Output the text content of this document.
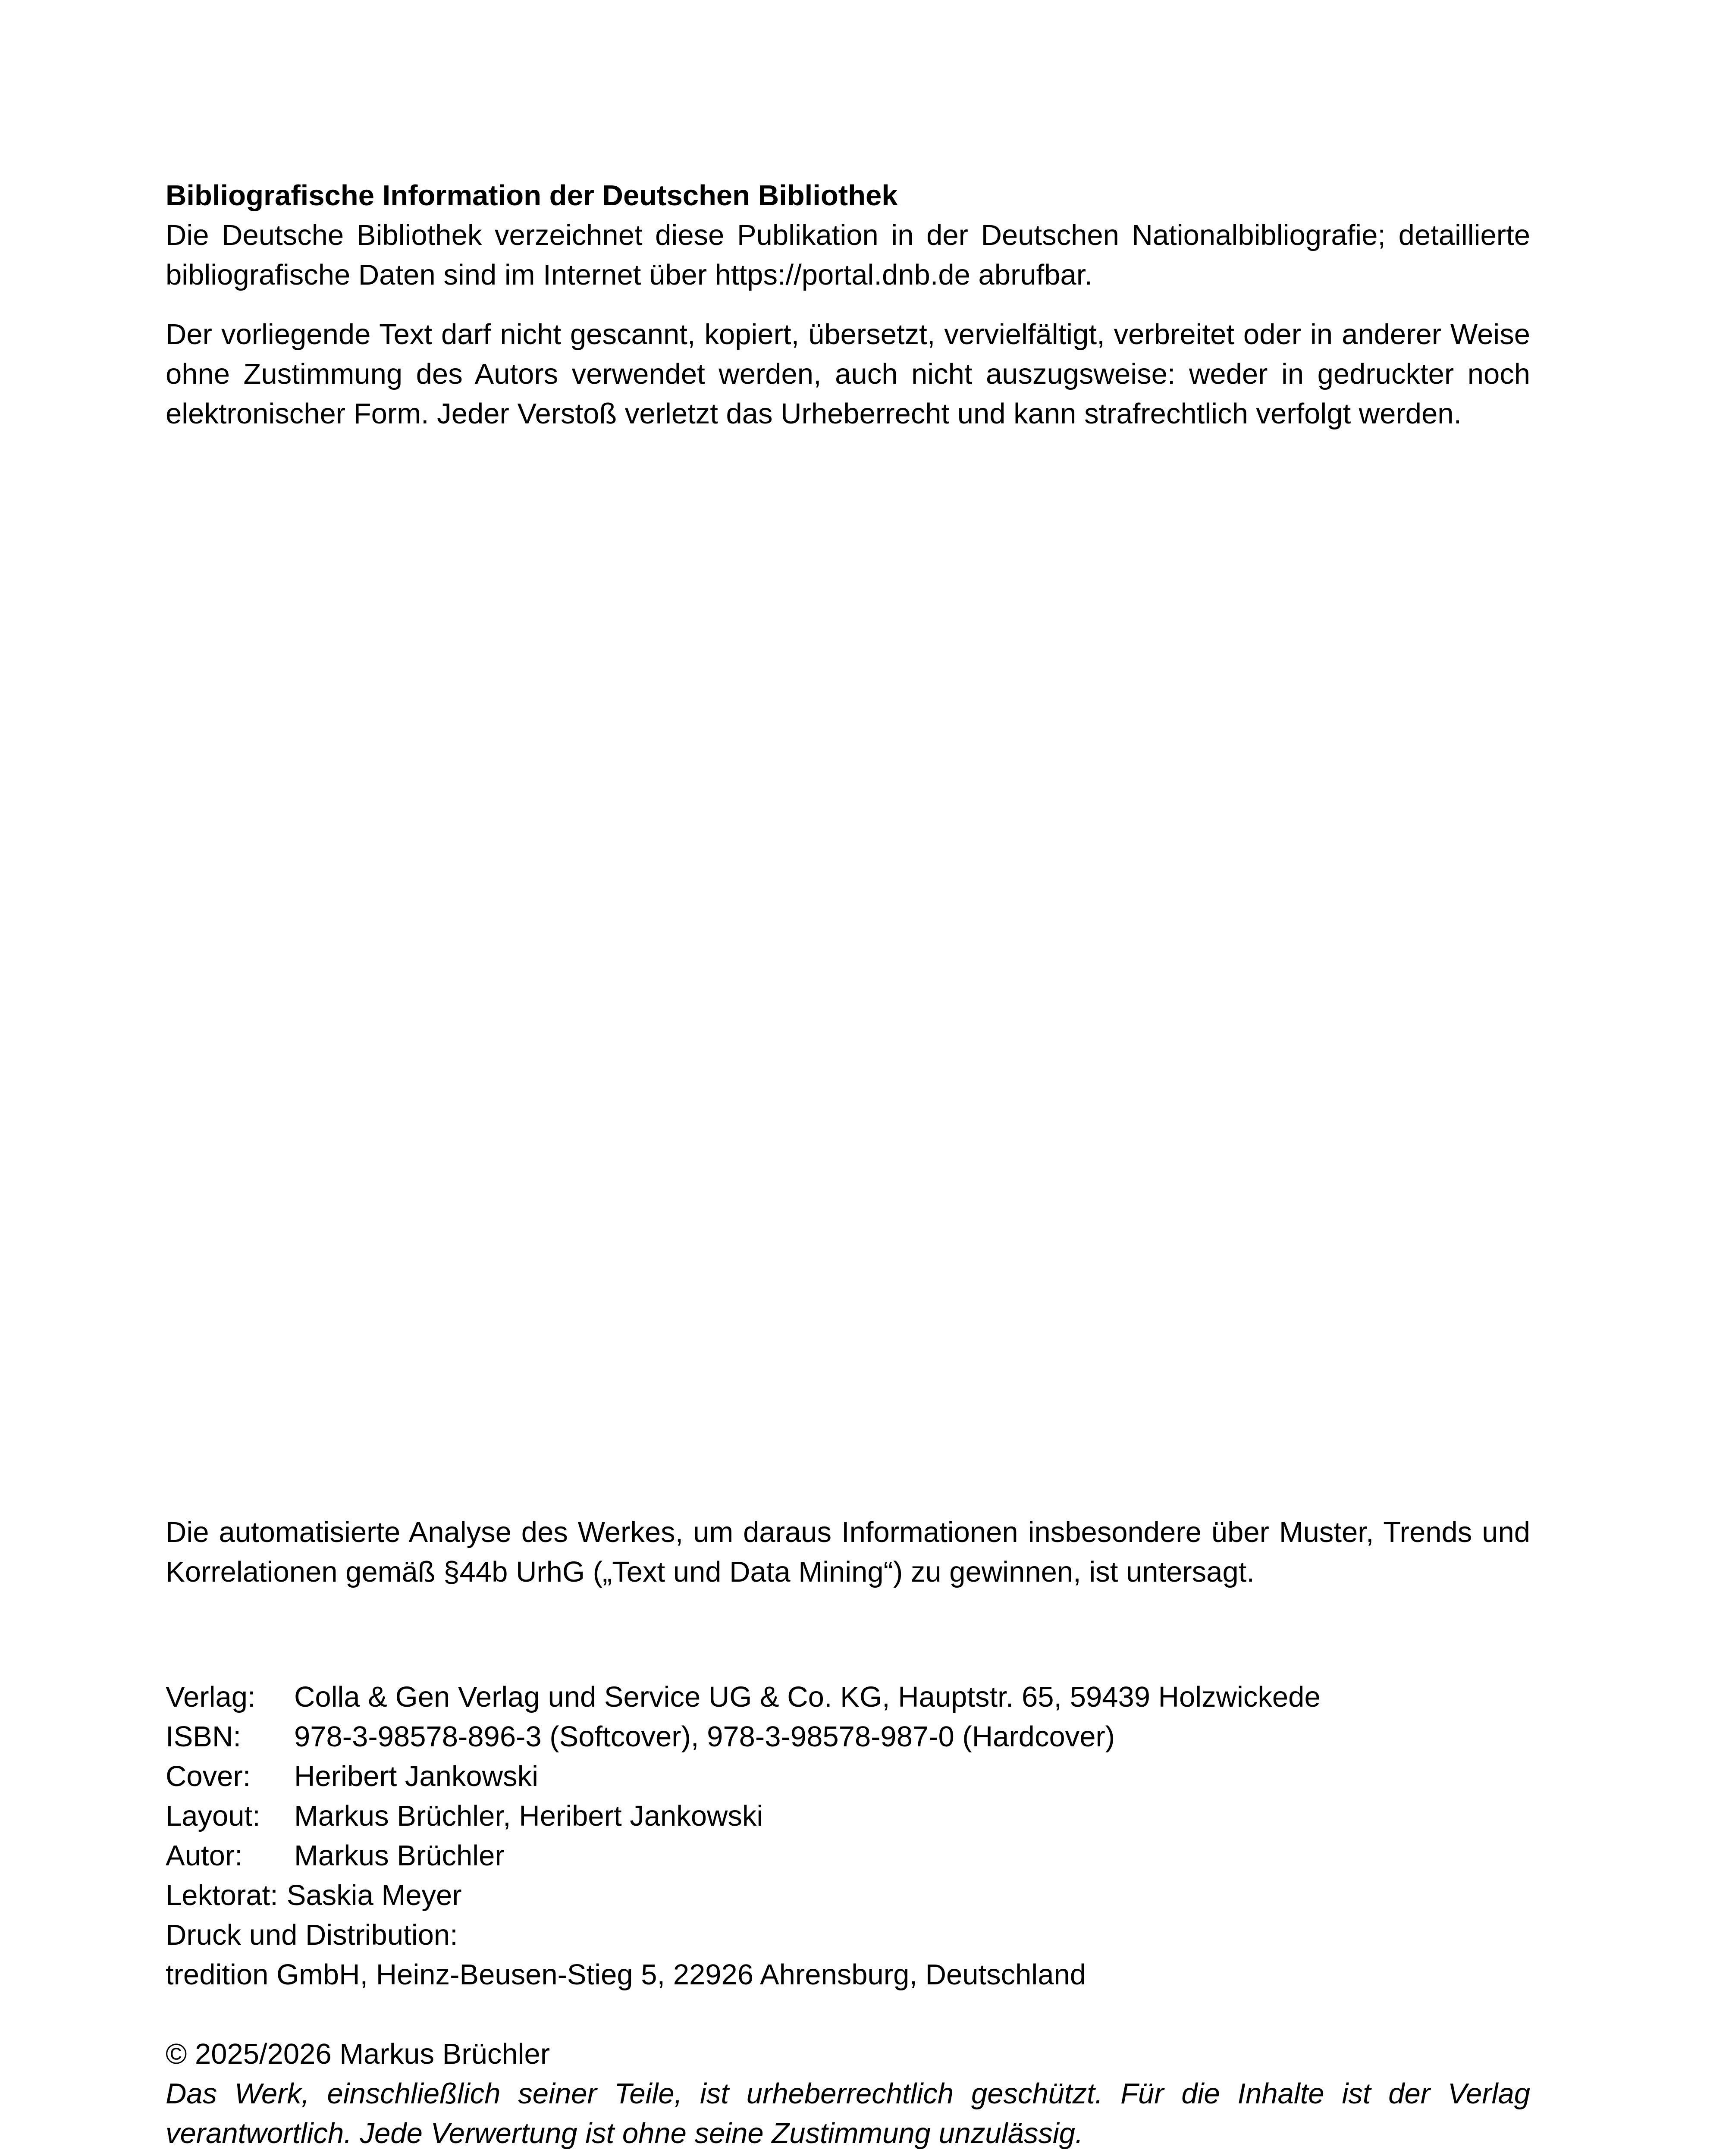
Bibliografische Information der Deutschen Bibliothek
Die Deutsche Bibliothek verzeichnet diese Publikation in der Deutschen Nationalbibliografie; detaillierte bibliografische Daten sind im Internet über https://portal.dnb.de abrufbar.
Der vorliegende Text darf nicht gescannt, kopiert, übersetzt, vervielfältigt, verbreitet oder in anderer Weise ohne Zustimmung des Autors verwendet werden, auch nicht auszugsweise: weder in gedruckter noch elektronischer Form. Jeder Verstoß verletzt das Urheberrecht und kann strafrechtlich verfolgt werden.
Die automatisierte Analyse des Werkes, um daraus Informationen insbesondere über Muster, Trends und Korrelationen gemäß §44b UrhG („Text und Data Mining“) zu gewinnen, ist untersagt.
Verlag:	Colla & Gen Verlag und Service UG & Co. KG, Hauptstr. 65, 59439 Holzwickede
ISBN:	978-3-98578-896-3 (Softcover), 978-3-98578-987-0 (Hardcover)
Cover:	Heribert Jankowski
Layout:	Markus Brüchler, Heribert Jankowski
Autor:	Markus Brüchler
Lektorat: Saskia Meyer
Druck und Distribution:
tredition GmbH, Heinz-Beusen-Stieg 5, 22926 Ahrensburg, Deutschland
© 2025/2026 Markus Brüchler
Das Werk, einschließlich seiner Teile, ist urheberrechtlich geschützt. Für die Inhalte ist der Verlag verantwortlich. Jede Verwertung ist ohne seine Zustimmung unzulässig.
